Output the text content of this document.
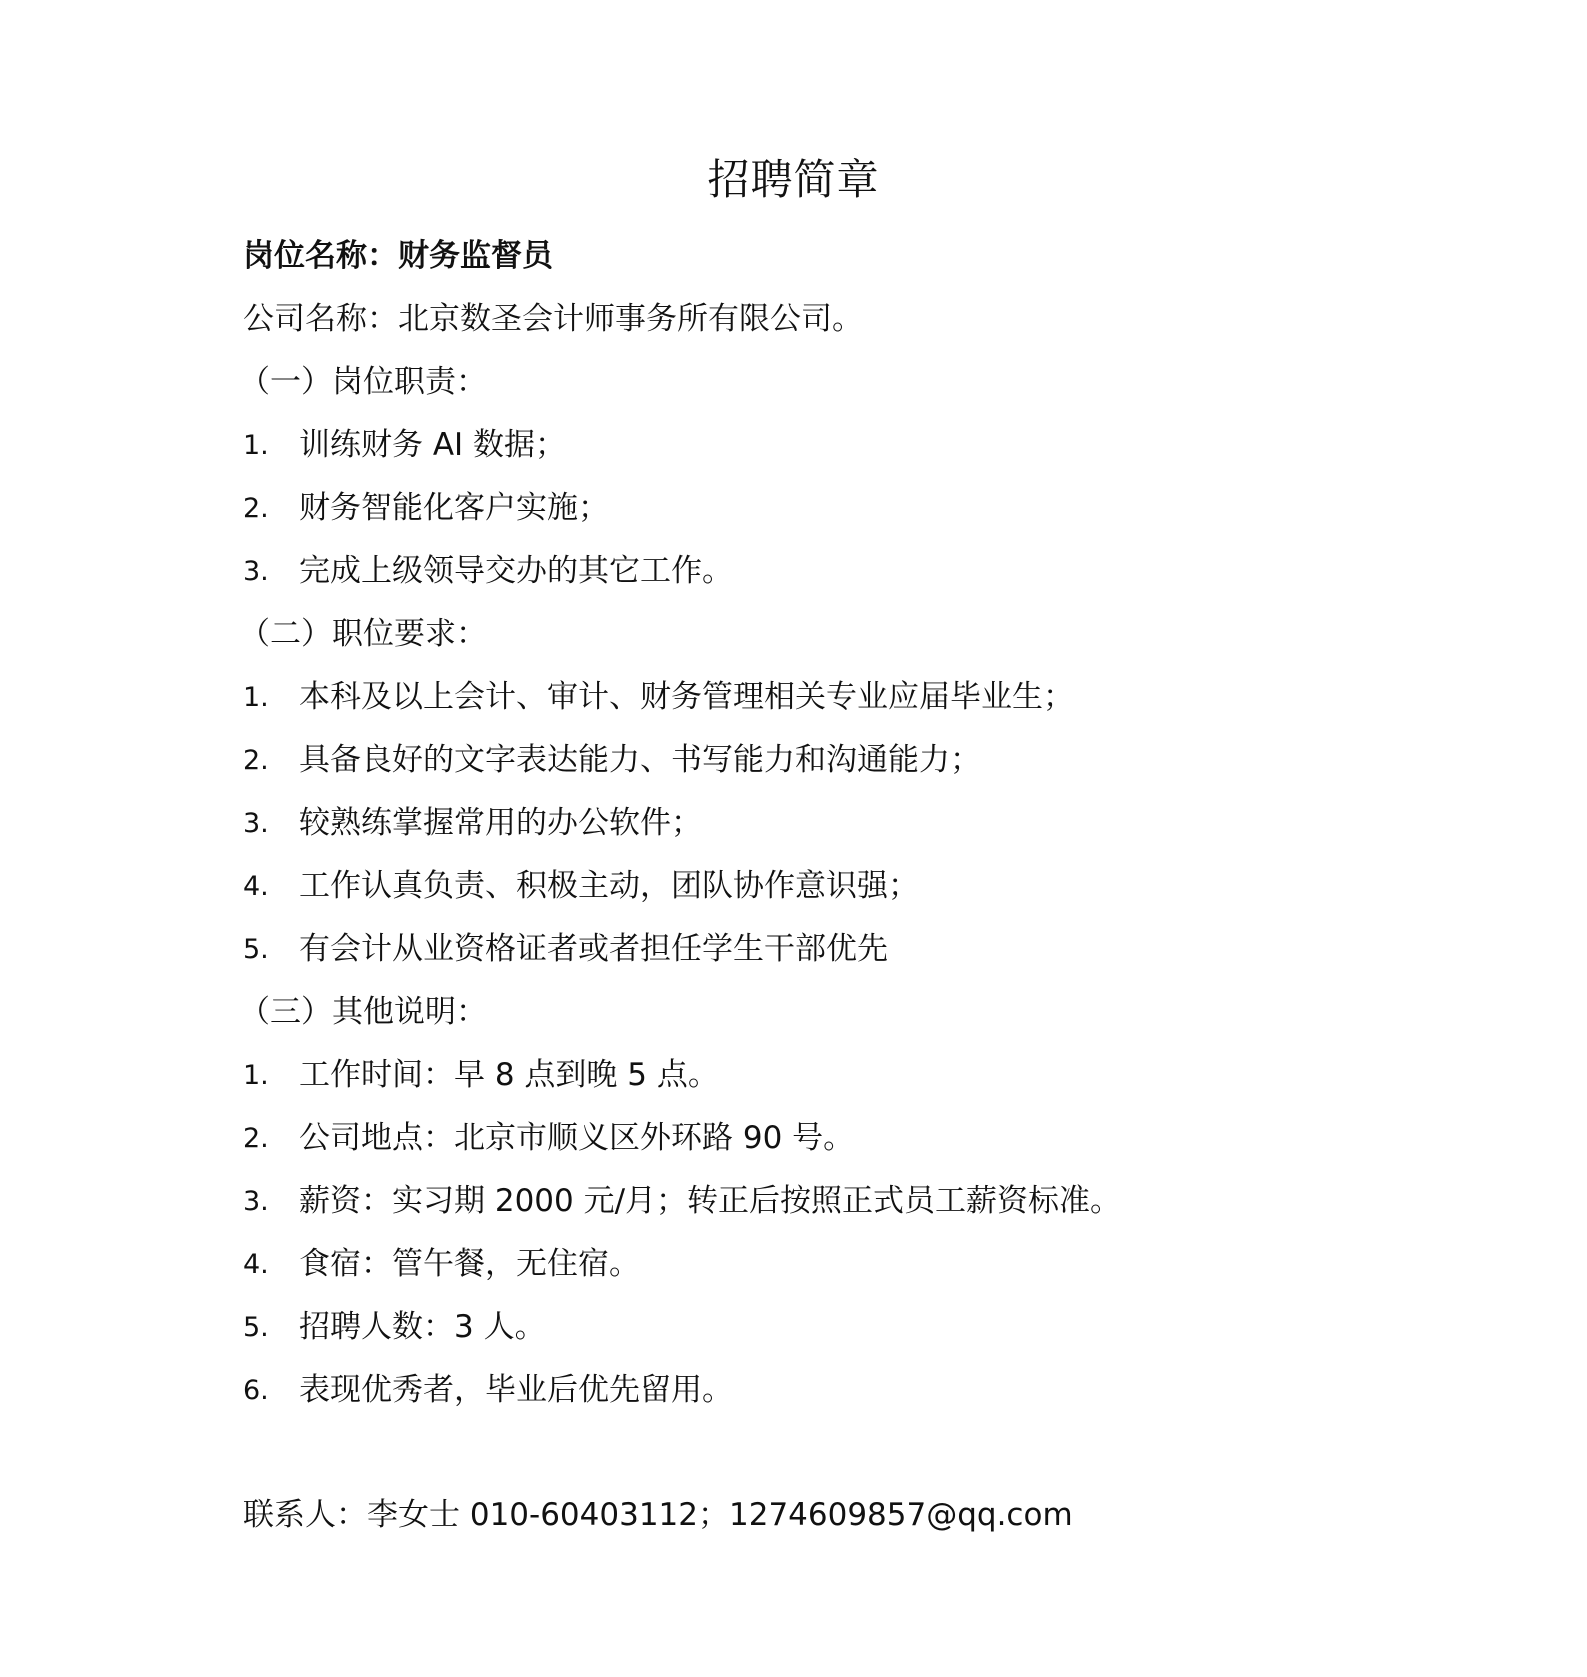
招聘简章
岗位名称：财务监督员
公司名称：北京数圣会计师事务所有限公司。
（一）岗位职责：
1. 训练财务 AI 数据；
2. 财务智能化客户实施；
3. 完成上级领导交办的其它工作。
（二）职位要求：
1. 本科及以上会计、审计、财务管理相关专业应届毕业生；
2. 具备良好的文字表达能力、书写能力和沟通能力；
3. 较熟练掌握常用的办公软件；
4. 工作认真负责、积极主动，团队协作意识强；
5. 有会计从业资格证者或者担任学生干部优先
（三）其他说明：
1. 工作时间：早 8 点到晚 5 点。
2. 公司地点：北京市顺义区外环路 90 号。
3. 薪资：实习期 2000 元/月；转正后按照正式员工薪资标准。
4. 食宿：管午餐，无住宿。
5. 招聘人数：3 人。
6. 表现优秀者，毕业后优先留用。
联系人：李女士 010-60403112；1274609857@qq.com
